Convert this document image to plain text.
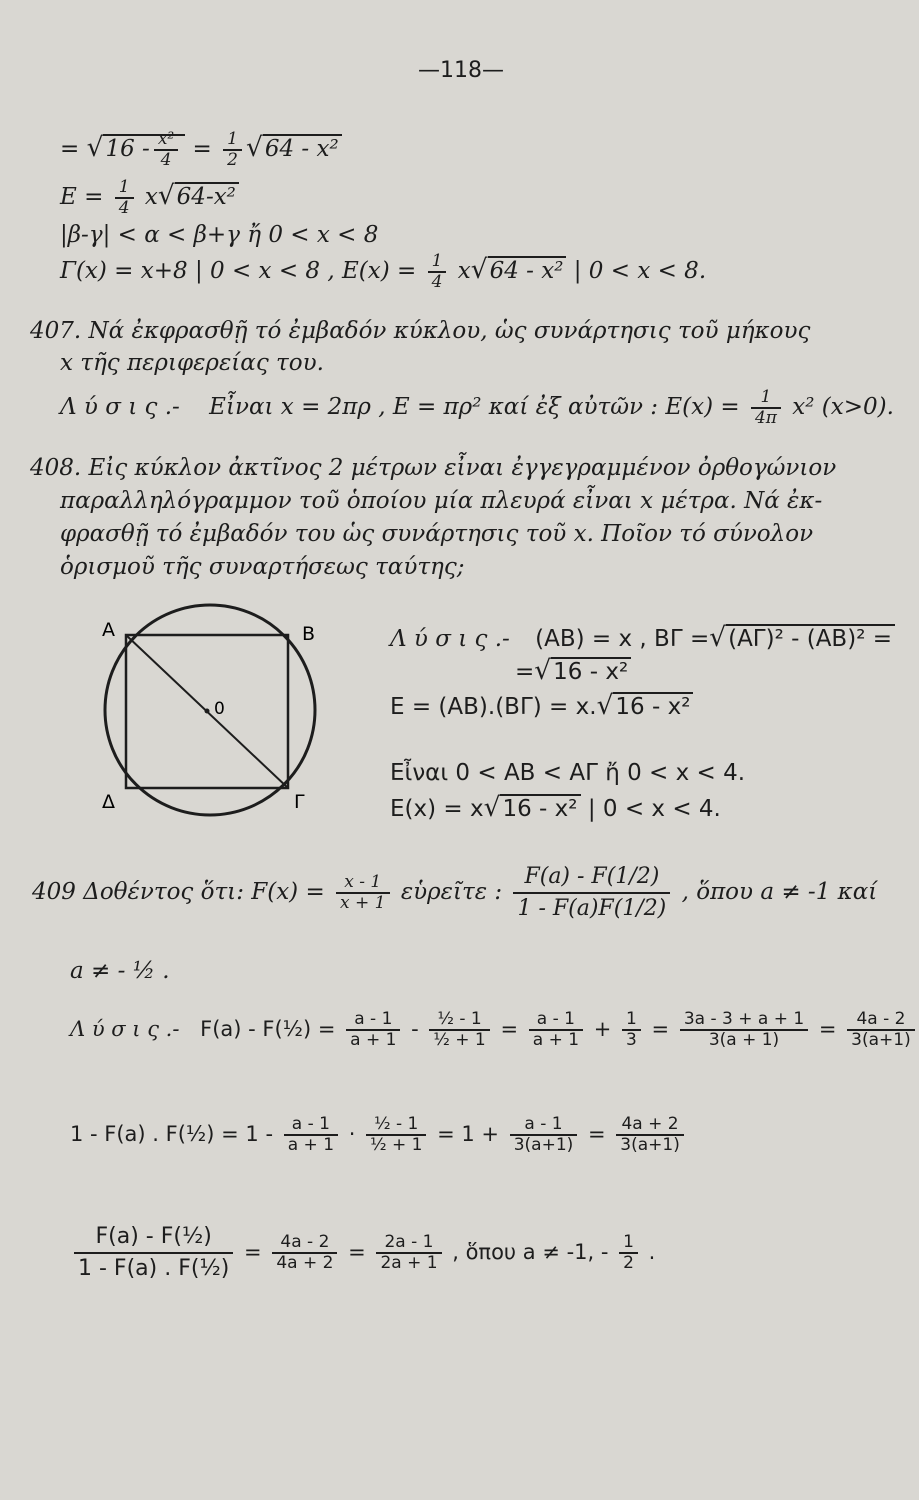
—118—
= $√16 - \frac{\text{x²}}{4} = \frac{1}{2} √64 - x^2$
$E = \frac{1}{4} x√64-x^2$
|β-γ| < α < β+γ ἤ 0 < x < 8
Γ(x) = x+8 | 0 < x < 8 , $E(x) = \frac{1}{4} x√64 - x^2$ | 0 < x < 8.
407. Νά ἐκφρασθῇ τό ἐμβαδόν κύκλου, ὡς συνάρτησις τοῦ μήκους
x τῆς περιφερείας του.
Λ ύ σ ι ς .- Εἶναι x = 2πρ , E = πρ² καί ἐξ αὐτῶν : $E(x) = \frac{1}{4\pi} x^2$ (x>0).
408. Εἰς κύκλον ἀκτῖνος 2 μέτρων εἶναι ἐγγεγραμμένον ὀρθογώνιον
παραλληλόγραμμον τοῦ ὁποίου μία πλευρά εἶναι x μέτρα. Νά ἐκ-
φρασθῇ τό ἐμβαδόν του ὡς συνάρτησις τοῦ x. Ποῖον τό σύνολον
ὁρισμοῦ τῆς συναρτήσεως ταύτης;
A	B
Γ
Δ
0
Λ ύ σ ι ς .- (AB) = x , BΓ =√(AΓ)² - (AB)² =
=√16 - x²
E = (AB).(BΓ) = x.√16 - x²
Εἶναι 0 < AB < AΓ ἤ 0 < x < 4.
E(x) = x√16 - x² | 0 < x < 4.
409 Δοθέντος ὅτι: $F(x) = \frac{x - 1}{x + 1}$ εὑρεῖτε : $\frac{F(a) - F(1/2)}{1 - F(a)F(1/2)}$ , ὅπου a ≠ -1 καί
a ≠ - ½ .
Λ ύ σ ι ς .- F(a) - F(½) = $\frac{a - 1}{a + 1} - \frac{\text{½ - 1}}{\text{½ + 1}} = \frac{a - 1}{a + 1} + \frac{1}{3} = \frac{3a - 3 + a + 1}{3(a + 1)} = \frac{4a - 2}{3(a+1)}$
1 - F(a) . F(½) = $1 - \frac{a - 1}{a + 1} \cdot \frac{\text{½ - 1}}{\text{½ + 1}} = 1 + \frac{a - 1}{3(a+1)} = \frac{4a + 2}{3(a+1)}$
$\frac{\text{F(a) - F(½)}}{\text{1 - F(a) . F(½)}} = \frac{4a - 2}{4a + 2} = \frac{2a - 1}{2a + 1}$ , ὅπου a ≠ -1, - $\frac{1}{2}$ .
